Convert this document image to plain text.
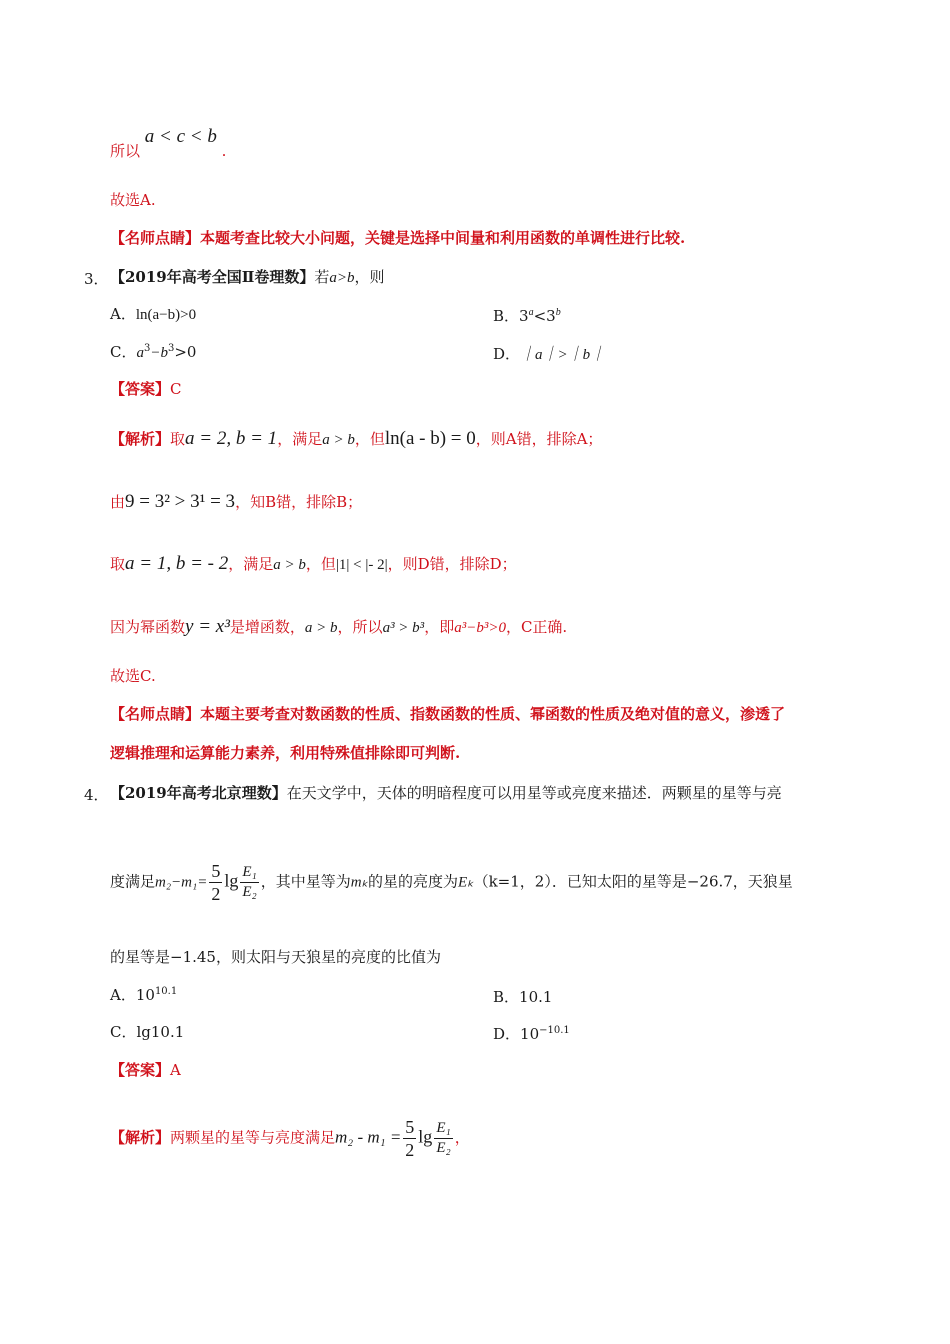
所以 a < c < b .
故选A.
【名师点睛】本题考查比较大小问题，关键是选择中间量和利用函数的单调性进行比较.
3． 【2019年高考全国Ⅱ卷理数】若a>b，则
A．ln(a−b)>0	B．$3^a<3^b$
C．$a^3-b^3>0$	D．｜a｜>｜b｜
【答案】C
【解析】取a = 2, b = 1，满足a > b，但ln(a - b) = 0，则A错，排除A；
由9 = 3² > 3¹ = 3，知B错，排除B；
取a = 1, b = - 2，满足a > b，但|1| < |- 2|，则D错，排除D；
因为幂函数y = x³是增函数，a > b，所以a³ > b³，即a³−b³>0，C正确.
故选C.
【名师点睛】本题主要考查对数函数的性质、指数函数的性质、幂函数的性质及绝对值的意义，渗透了
逻辑推理和运算能力素养，利用特殊值排除即可判断.
4． 【2019年高考北京理数】在天文学中，天体的明暗程度可以用星等或亮度来描述．两颗星的星等与亮
度满足$m_2-m_1= \frac{5}{2}$ $\lg \frac{\text{E₁}}{\text{E₂}}$ ，其中星等为mₖ的星的亮度为Eₖ（k=1，2）．已知太阳的星等是−26.7，天狼星
的星等是−1.45，则太阳与天狼星的亮度的比值为
A．$10^{10.1}$	B．10.1
C．lg10.1	D．$10^{-10.1}$
【答案】A
【解析】两颗星的星等与亮度满足$m_2 - m_1 = \frac{5}{2}$ $\lg \frac{\text{E₁}}{\text{E₂}}$ ，
